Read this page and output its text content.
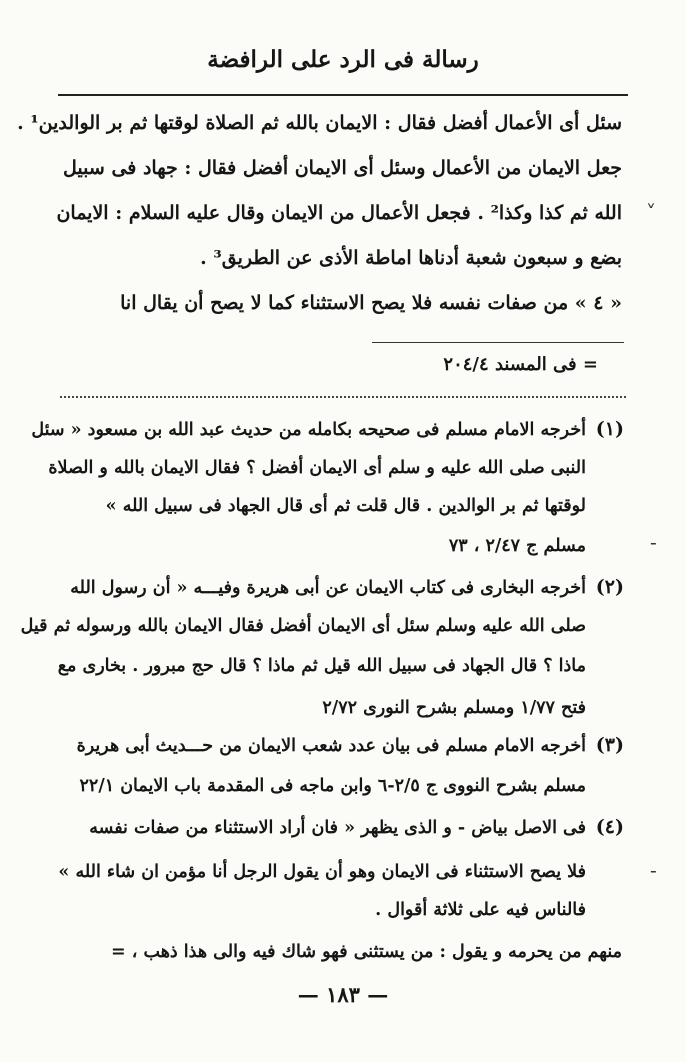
رسالة فى الرد على الرافضة
سئل أى الأعمال أفضل فقال : الايمان بالله ثم الصلاة لوقتها ثم بر الوالدين¹ .
جعل الايمان من الأعمال وسئل أى الايمان أفضل فقال : جهاد فى سبيل
الله ثم كذا وكذا² . فجعل الأعمال من الايمان وقال عليه السلام : الايمان
بضع و سبعون شعبة أدناها اماطة الأذى عن الطريق³ .
« ٤ » من صفات نفسه فلا يصح الاستثناء كما لا يصح أن يقال انا
= فى المسند ٢٠٤/٤
(١)
أخرجه الامام مسلم فى صحيحه بكامله من حديث عبد الله بن مسعود « سئل
النبى صلى الله عليه و سلم أى الايمان أفضل ؟ فقال الايمان بالله و الصلاة
لوقتها ثم بر الوالدين . قال قلت ثم أى قال الجهاد فى سبيل الله »
مسلم ج ٢/٤٧ ، ٧٣
(٢)
أخرجه البخارى فى كتاب الايمان عن أبى هريرة وفيـــه « أن رسول الله
صلى الله عليه وسلم سئل أى الايمان أفضل فقال الايمان بالله ورسوله ثم قيل
ماذا ؟ قال الجهاد فى سبيل الله قيل ثم ماذا ؟ قال حج مبرور . بخارى مع
فتح ١/٧٧ ومسلم بشرح النورى ٢/٧٢
(٣)
أخرجه الامام مسلم فى بيان عدد شعب الايمان من حـــديث أبى هريرة
مسلم بشرح النووى ج ٢/٥-٦ وابن ماجه فى المقدمة باب الايمان ٢٢/١
(٤)
فى الاصل بياض - و الذى يظهر « فان أراد الاستثناء من صفات نفسه
فلا يصح الاستثناء فى الايمان وهو أن يقول الرجل أنا مؤمن ان شاء الله »
فالناس فيه على ثلاثة أقوال .
منهم من يحرمه و يقول : من يستثنى فهو شاك فيه والى هذا ذهب ، =
— ١٨٣ —
˅
-
-
